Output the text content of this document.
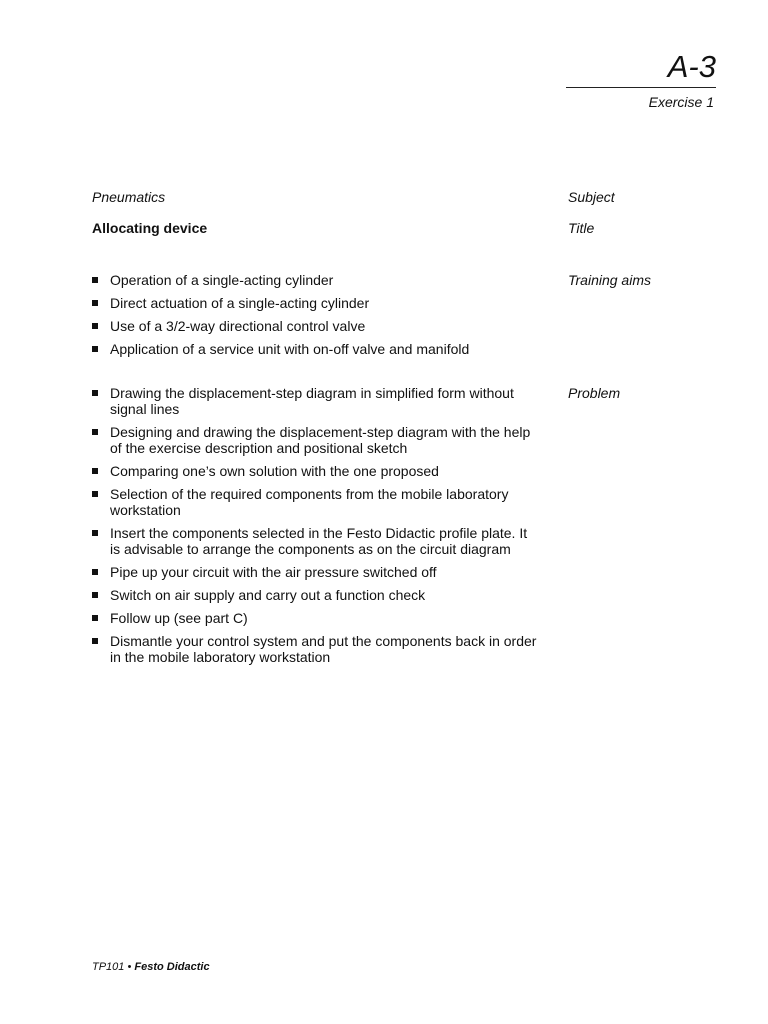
A-3
Exercise 1
Pneumatics	Subject
Allocating device	Title
Training aims
Operation of a single-acting cylinder
Direct actuation of a single-acting cylinder
Use of a 3/2-way directional control valve
Application of a service unit with on-off valve and manifold
Problem
Drawing the displacement-step diagram in simplified form without
signal lines
Designing and drawing the displacement-step diagram with the help
of the exercise description and positional sketch
Comparing one’s own solution with the one proposed
Selection of the required components from the mobile laboratory
workstation
Insert the components selected in the Festo Didactic profile plate. It
is advisable to arrange the components as on the circuit diagram
Pipe up your circuit with the air pressure switched off
Switch on air supply and carry out a function check
Follow up (see part C)
Dismantle your control system and put the components back in order
in the mobile laboratory workstation
TP101 • Festo Didactic
